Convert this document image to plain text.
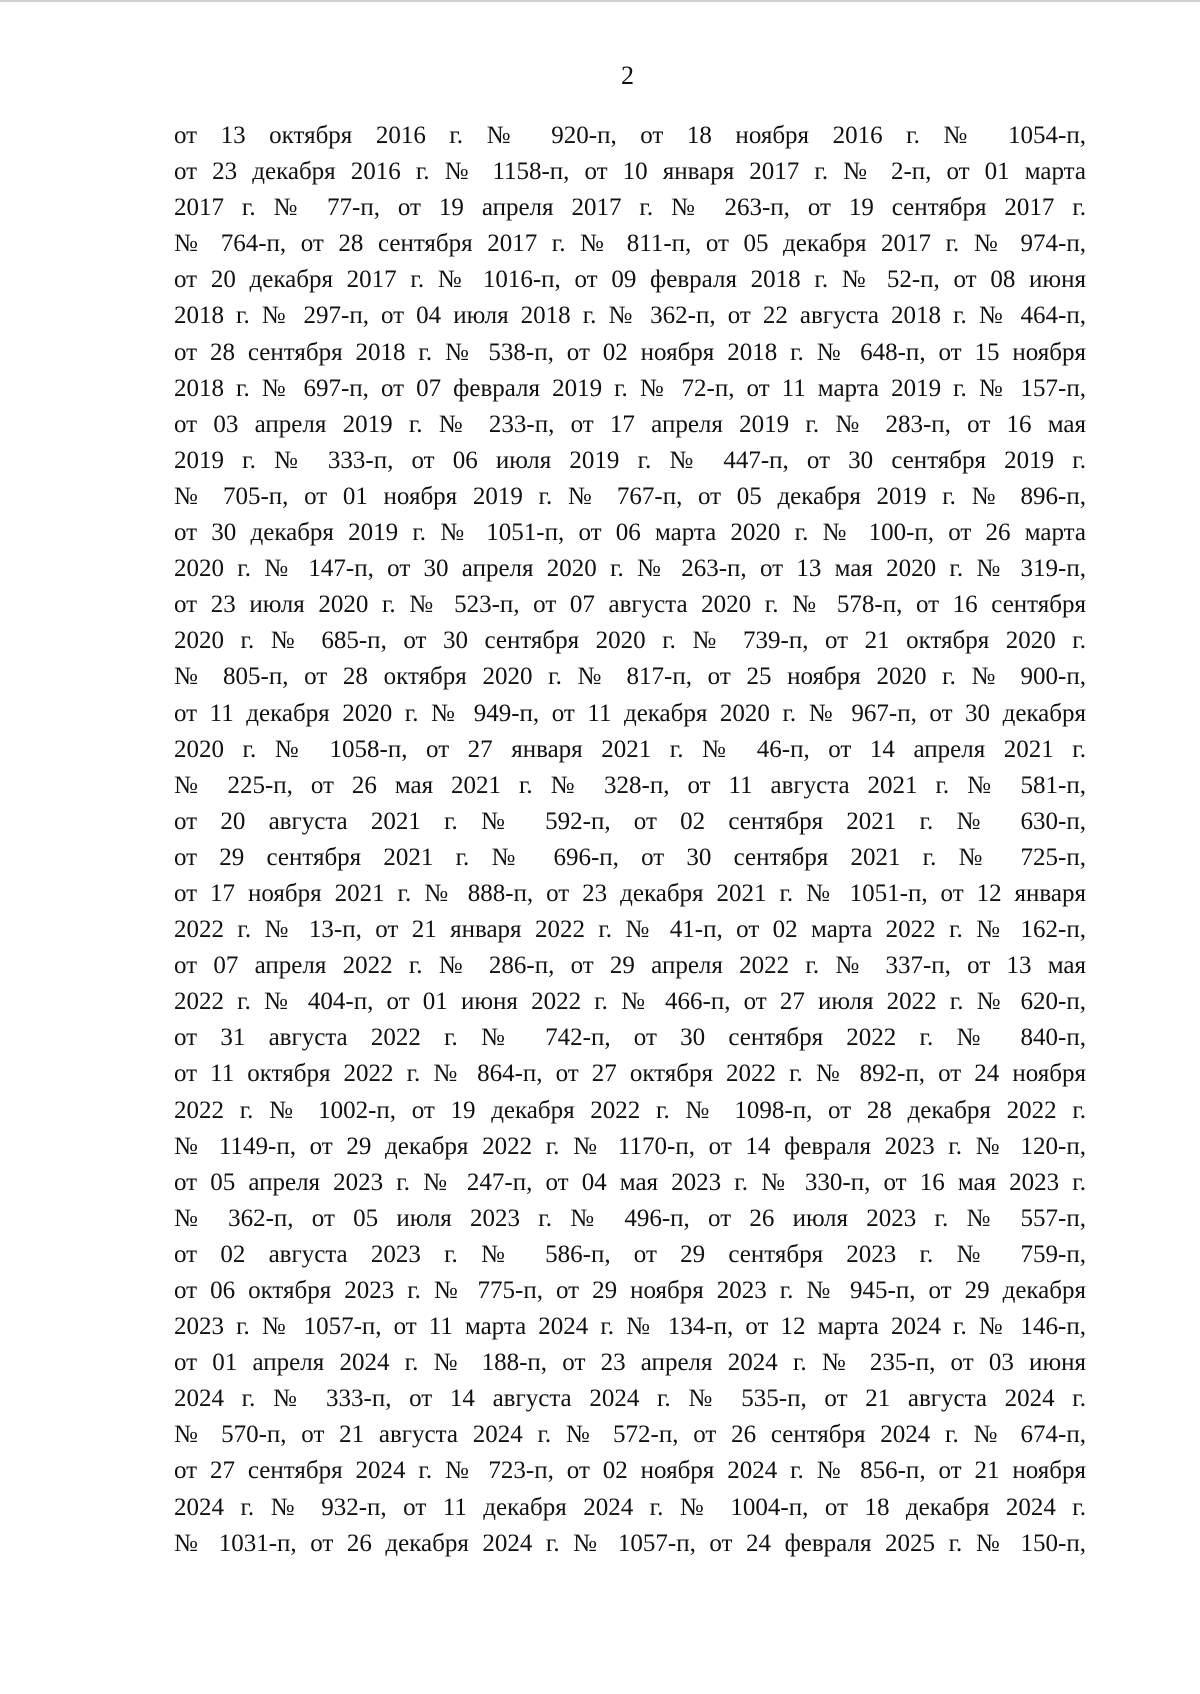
2
от 13 октября 2016 г. № 920-п, от 18 ноября 2016 г. № 1054-п,
от 23 декабря 2016 г. № 1158-п, от 10 января 2017 г. № 2-п, от 01 марта
2017 г. № 77-п, от 19 апреля 2017 г. № 263-п, от 19 сентября 2017 г.
№ 764-п, от 28 сентября 2017 г. № 811-п, от 05 декабря 2017 г. № 974-п,
от 20 декабря 2017 г. № 1016-п, от 09 февраля 2018 г. № 52-п, от 08 июня
2018 г. № 297-п, от 04 июля 2018 г. № 362-п, от 22 августа 2018 г. № 464-п,
от 28 сентября 2018 г. № 538-п, от 02 ноября 2018 г. № 648-п, от 15 ноября
2018 г. № 697-п, от 07 февраля 2019 г. № 72-п, от 11 марта 2019 г. № 157-п,
от 03 апреля 2019 г. № 233-п, от 17 апреля 2019 г. № 283-п, от 16 мая
2019 г. № 333-п, от 06 июля 2019 г. № 447-п, от 30 сентября 2019 г.
№ 705-п, от 01 ноября 2019 г. № 767-п, от 05 декабря 2019 г. № 896-п,
от 30 декабря 2019 г. № 1051-п, от 06 марта 2020 г. № 100-п, от 26 марта
2020 г. № 147-п, от 30 апреля 2020 г. № 263-п, от 13 мая 2020 г. № 319-п,
от 23 июля 2020 г. № 523-п, от 07 августа 2020 г. № 578-п, от 16 сентября
2020 г. № 685-п, от 30 сентября 2020 г. № 739-п, от 21 октября 2020 г.
№ 805-п, от 28 октября 2020 г. № 817-п, от 25 ноября 2020 г. № 900-п,
от 11 декабря 2020 г. № 949-п, от 11 декабря 2020 г. № 967-п, от 30 декабря
2020 г. № 1058-п, от 27 января 2021 г. № 46-п, от 14 апреля 2021 г.
№ 225-п, от 26 мая 2021 г. № 328-п, от 11 августа 2021 г. № 581-п,
от 20 августа 2021 г. № 592-п, от 02 сентября 2021 г. № 630-п,
от 29 сентября 2021 г. № 696-п, от 30 сентября 2021 г. № 725-п,
от 17 ноября 2021 г. № 888-п, от 23 декабря 2021 г. № 1051-п, от 12 января
2022 г. № 13-п, от 21 января 2022 г. № 41-п, от 02 марта 2022 г. № 162-п,
от 07 апреля 2022 г. № 286-п, от 29 апреля 2022 г. № 337-п, от 13 мая
2022 г. № 404-п, от 01 июня 2022 г. № 466-п, от 27 июля 2022 г. № 620-п,
от 31 августа 2022 г. № 742-п, от 30 сентября 2022 г. № 840-п,
от 11 октября 2022 г. № 864-п, от 27 октября 2022 г. № 892-п, от 24 ноября
2022 г. № 1002-п, от 19 декабря 2022 г. № 1098-п, от 28 декабря 2022 г.
№ 1149-п, от 29 декабря 2022 г. № 1170-п, от 14 февраля 2023 г. № 120-п,
от 05 апреля 2023 г. № 247-п, от 04 мая 2023 г. № 330-п, от 16 мая 2023 г.
№ 362-п, от 05 июля 2023 г. № 496-п, от 26 июля 2023 г. № 557-п,
от 02 августа 2023 г. № 586-п, от 29 сентября 2023 г. № 759-п,
от 06 октября 2023 г. № 775-п, от 29 ноября 2023 г. № 945-п, от 29 декабря
2023 г. № 1057-п, от 11 марта 2024 г. № 134-п, от 12 марта 2024 г. № 146-п,
от 01 апреля 2024 г. № 188-п, от 23 апреля 2024 г. № 235-п, от 03 июня
2024 г. № 333-п, от 14 августа 2024 г. № 535-п, от 21 августа 2024 г.
№ 570-п, от 21 августа 2024 г. № 572-п, от 26 сентября 2024 г. № 674-п,
от 27 сентября 2024 г. № 723-п, от 02 ноября 2024 г. № 856-п, от 21 ноября
2024 г. № 932-п, от 11 декабря 2024 г. № 1004-п, от 18 декабря 2024 г.
№ 1031-п, от 26 декабря 2024 г. № 1057-п, от 24 февраля 2025 г. № 150-п,
